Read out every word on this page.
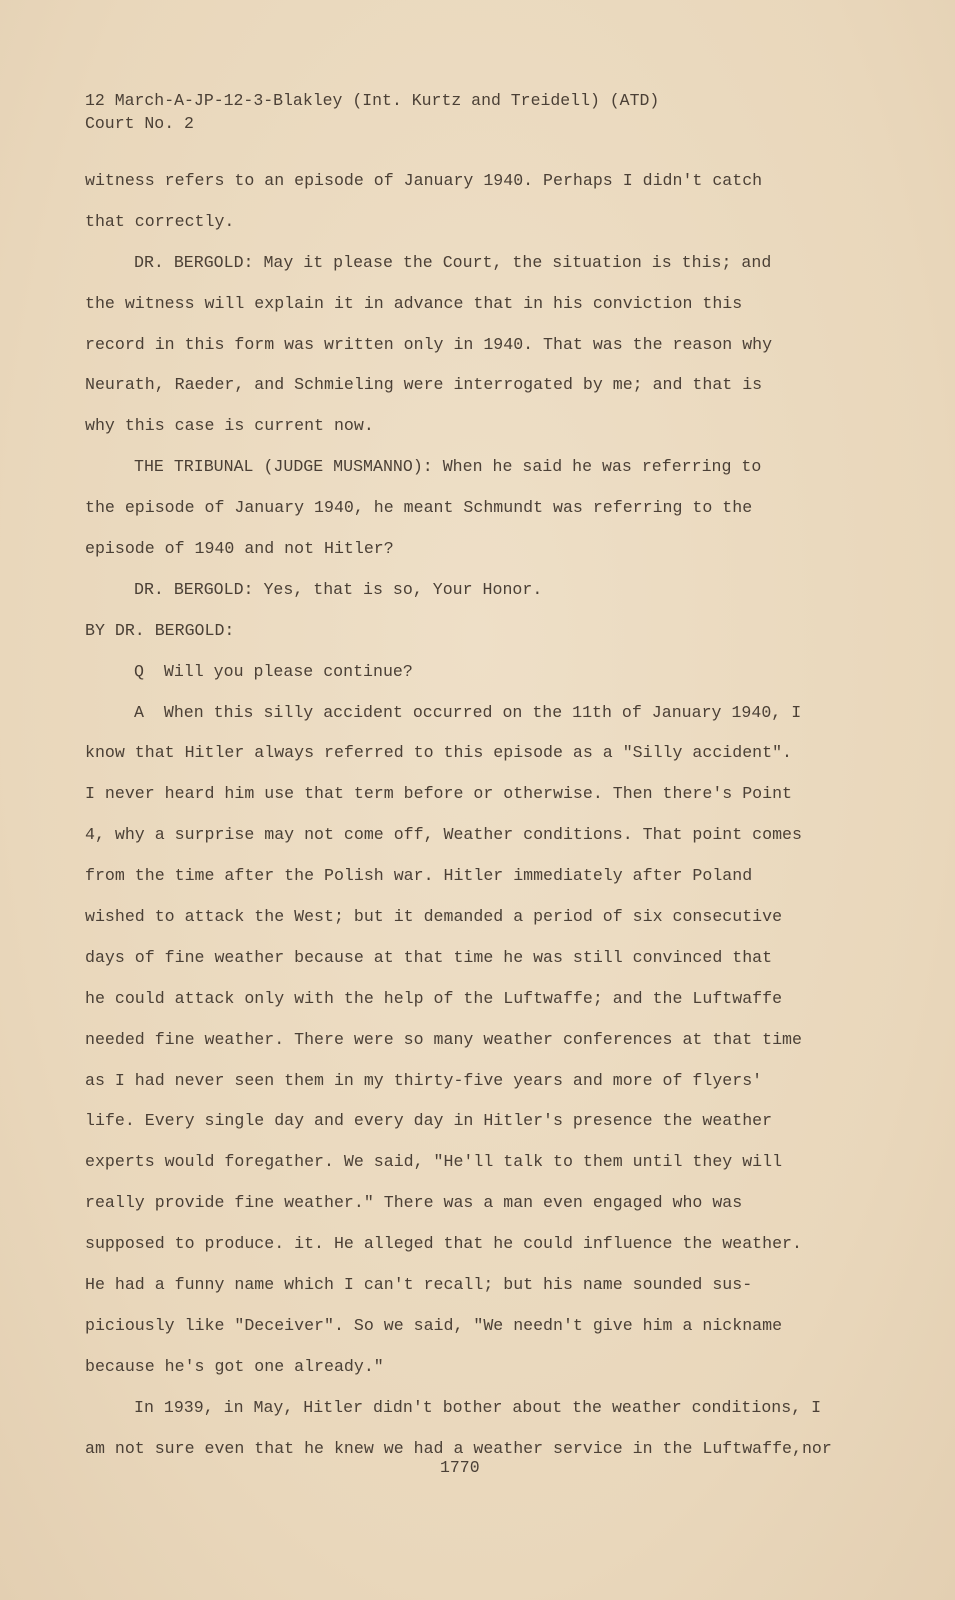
12 March-A-JP-12-3-Blakley (Int. Kurtz and Treidell) (ATD)
Court No. 2
witness refers to an episode of January 1940. Perhaps I didn't catch
that correctly.
DR. BERGOLD: May it please the Court, the situation is this; and
the witness will explain it in advance that in his conviction this
record in this form was written only in 1940. That was the reason why
Neurath, Raeder, and Schmieling were interrogated by me; and that is
why this case is current now.
THE TRIBUNAL (JUDGE MUSMANNO): When he said he was referring to
the episode of January 1940, he meant Schmundt was referring to the
episode of 1940 and not Hitler?
DR. BERGOLD: Yes, that is so, Your Honor.
BY DR. BERGOLD:
Q  Will you please continue?
A  When this silly accident occurred on the 11th of January 1940, I
know that Hitler always referred to this episode as a "Silly accident".
I never heard him use that term before or otherwise. Then there's Point
4, why a surprise may not come off, Weather conditions. That point comes
from the time after the Polish war. Hitler immediately after Poland
wished to attack the West; but it demanded a period of six consecutive
days of fine weather because at that time he was still convinced that
he could attack only with the help of the Luftwaffe; and the Luftwaffe
needed fine weather. There were so many weather conferences at that time
as I had never seen them in my thirty-five years and more of flyers'
life. Every single day and every day in Hitler's presence the weather
experts would foregather. We said, "He'll talk to them until they will
really provide fine weather." There was a man even engaged who was
supposed to produce. it. He alleged that he could influence the weather.
He had a funny name which I can't recall; but his name sounded sus-
piciously like "Deceiver". So we said, "We needn't give him a nickname
because he's got one already."
In 1939, in May, Hitler didn't bother about the weather conditions, I
am not sure even that he knew we had a weather service in the Luftwaffe,nor
1770
